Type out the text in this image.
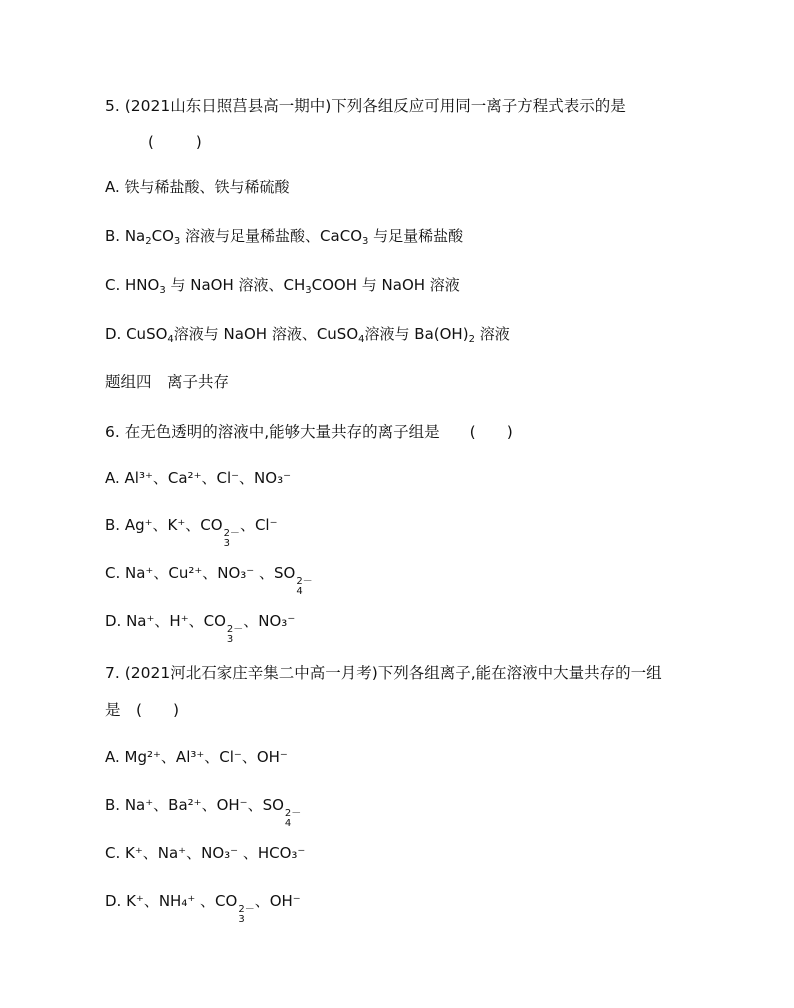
5. (2021山东日照莒县高一期中)下列各组反应可用同一离子方程式表示的是
(	)
A. 铁与稀盐酸、铁与稀硫酸
B. $Na_2CO_3$ 溶液与足量稀盐酸、CaCO$_3$ 与足量稀盐酸
C. $HNO_3$ 与 NaOH 溶液、$CH_3COOH$ 与 NaOH 溶液
D. CuSO$_4$溶液与 NaOH 溶液、CuSO$_4$溶液与 $Ba(OH)_2$ 溶液
题组四　离子共存
6. 在无色透明的溶液中,能够大量共存的离子组是 (　　)
A. Al³⁺、Ca²⁺、Cl⁻、NO₃⁻
B. Ag⁺、K⁺、CO 2－
3
、Cl⁻
C. Na⁺、Cu²⁺、NO₃⁻ 、SO 2－
4
D. Na⁺、H⁺、CO 2－
3
、NO₃⁻
7. (2021河北石家庄辛集二中高一月考)下列各组离子,能在溶液中大量共存的一组
是　(　　)
A. Mg²⁺、Al³⁺、Cl⁻、OH⁻
B. Na⁺、Ba²⁺、OH⁻、SO 2－
4
C. K⁺、Na⁺、NO₃⁻ 、HCO₃⁻
D. K⁺、NH₄⁺ 、CO 2－
3
、OH⁻
